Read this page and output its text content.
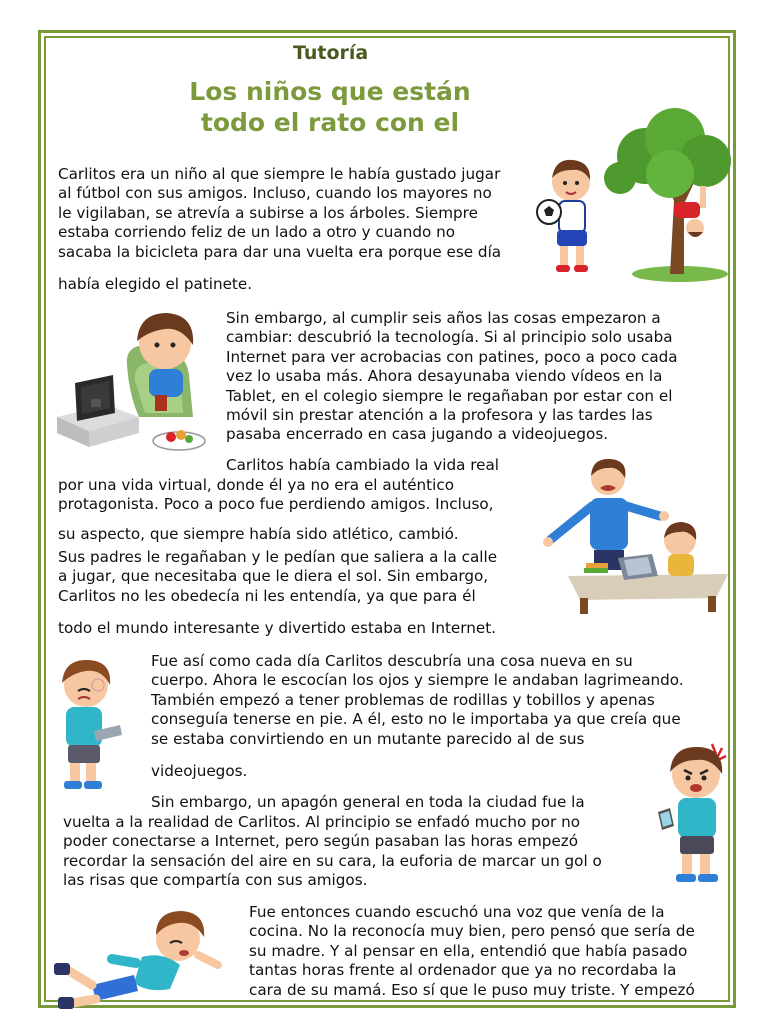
Tutoría
Los niños que están
todo el rato con el

Carlitos era un niño al que siempre le había gustado jugar
al fútbol con sus amigos. Incluso, cuando los mayores no
le vigilaban, se atrevía a subirse a los árboles. Siempre
estaba corriendo feliz de un lado a otro y cuando no
sacaba la bicicleta para dar una vuelta era porque ese día

había elegido el patinete.

Sin embargo, al cumplir seis años las cosas empezaron a
cambiar: descubrió la tecnología. Si al principio solo usaba
Internet para ver acrobacias con patines, poco a poco cada
vez lo usaba más. Ahora desayunaba viendo vídeos en la
Tablet, en el colegio siempre le regañaban por estar con el
móvil sin prestar atención a la profesora y las tardes las
pasaba encerrado en casa jugando a videojuegos.

Carlitos había cambiado la vida real

por una vida virtual, donde él ya no era el auténtico
protagonista. Poco a poco fue perdiendo amigos. Incluso,

su aspecto, que siempre había sido atlético, cambió.

Sus padres le regañaban y le pedían que saliera a la calle
a jugar, que necesitaba que le diera el sol. Sin embargo,
Carlitos no les obedecía ni les entendía, ya que para él

todo el mundo interesante y divertido estaba en Internet.

Fue así como cada día Carlitos descubría una cosa nueva en su
cuerpo. Ahora le escocían los ojos y siempre le andaban lagrimeando.
También empezó a tener problemas de rodillas y tobillos y apenas
conseguía tenerse en pie. A él, esto no le importaba ya que creía que
se estaba convirtiendo en un mutante parecido al de sus

videojuegos.

Sin embargo, un apagón general en toda la ciudad fue la

vuelta a la realidad de Carlitos. Al principio se enfadó mucho por no
poder conectarse a Internet, pero según pasaban las horas empezó
recordar la sensación del aire en su cara, la euforia de marcar un gol o
las risas que compartía con sus amigos.

Fue entonces cuando escuchó una voz que venía de la
cocina. No la reconocía muy bien, pero pensó que sería de
su madre. Y al pensar en ella, entendió que había pasado
tantas horas frente al ordenador que ya no recordaba la
cara de su mamá. Eso sí que le puso muy triste. Y empezó
